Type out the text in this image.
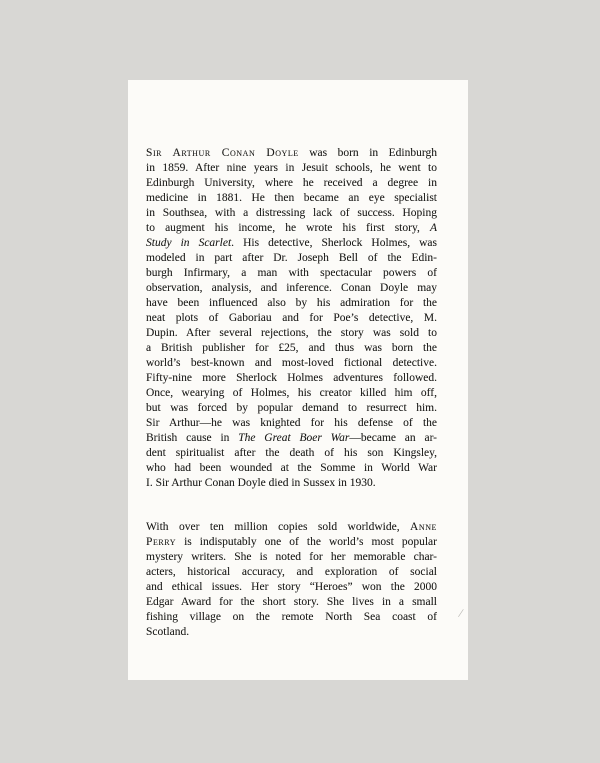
Sir Arthur Conan Doyle was born in Edinburgh
in 1859. After nine years in Jesuit schools, he went to
Edinburgh University, where he received a degree in
medicine in 1881. He then became an eye specialist
in Southsea, with a distressing lack of success. Hoping
to augment his income, he wrote his first story, A
Study in Scarlet. His detective, Sherlock Holmes, was
modeled in part after Dr. Joseph Bell of the Edin-
burgh Infirmary, a man with spectacular powers of
observation, analysis, and inference. Conan Doyle may
have been influenced also by his admiration for the
neat plots of Gaboriau and for Poe’s detective, M.
Dupin. After several rejections, the story was sold to
a British publisher for £25, and thus was born the
world’s best-known and most-loved fictional detective.
Fifty-nine more Sherlock Holmes adventures followed.
Once, wearying of Holmes, his creator killed him off,
but was forced by popular demand to resurrect him.
Sir Arthur—he was knighted for his defense of the
British cause in The Great Boer War—became an ar-
dent spiritualist after the death of his son Kingsley,
who had been wounded at the Somme in World War
I. Sir Arthur Conan Doyle died in Sussex in 1930.
With over ten million copies sold worldwide, Anne
Perry is indisputably one of the world’s most popular
mystery writers. She is noted for her memorable char-
acters, historical accuracy, and exploration of social
and ethical issues. Her story “Heroes” won the 2000
Edgar Award for the short story. She lives in a small
fishing village on the remote North Sea coast of
Scotland.
/
